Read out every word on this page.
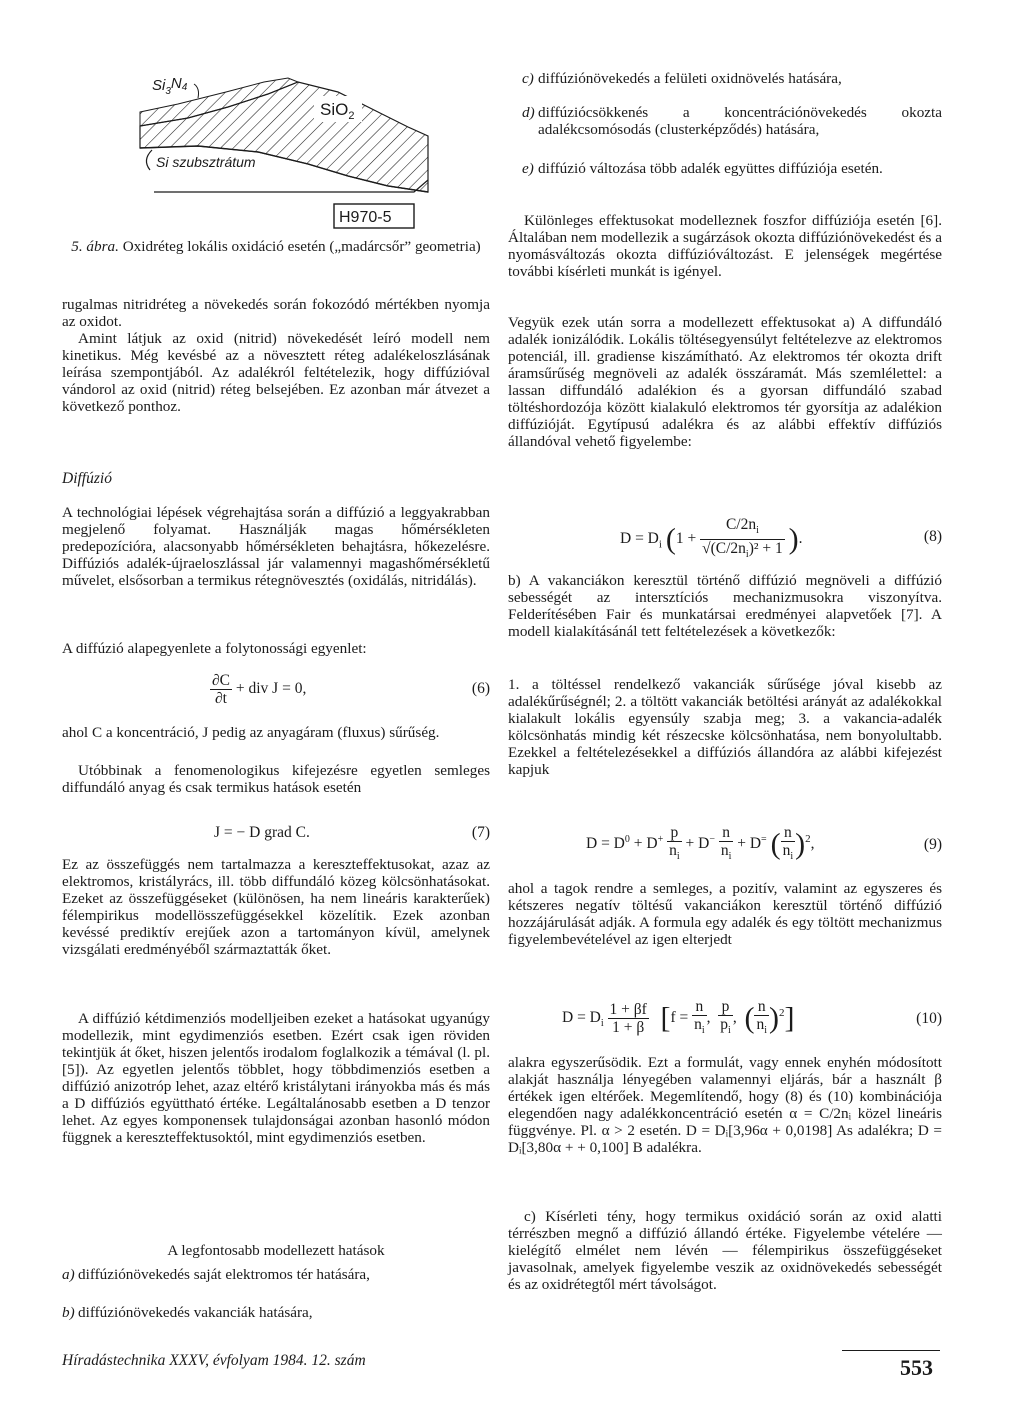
$Si_3N4$
SiO$_2$
Si szubsztrátum
H970-5

5. ábra. Oxidréteg lokális oxidáció esetén („madárcsőr” geometria)

rugalmas nitridréteg a növekedés során fokozódó mértékben nyomja az oxidot.

Amint látjuk az oxid (nitrid) növekedését leíró modell nem kinetikus. Még kevésbé az a növesztett réteg adalékeloszlásának leírása szempontjából. Az adalékról feltételezik, hogy diffúzióval vándorol az oxid (nitrid) réteg belsejében. Ez azonban már átvezet a következő ponthoz.

Diffúzió

A technológiai lépések végrehajtása során a diffúzió a leggyakrabban megjelenő folyamat. Használják magas hőmérsékleten predepozícióra, alacsonyabb hőmérsékleten behajtásra, hőkezelésre. Diffúziós adalék-újraeloszlással jár valamennyi magashőmérsékletű művelet, elsősorban a termikus rétegnövesztés (oxidálás, nitridálás).

A diffúzió alapegyenlete a folytonossági egyenlet:

$\frac{\partial C}{\partial t}$ + div J = 0,	(6)

ahol C a koncentráció, J pedig az anyagáram (fluxus) sűrűség.

Utóbbinak a fenomenologikus kifejezésre egyetlen semleges diffundáló anyag és csak termikus hatások esetén

J = − D grad C.	(7)

Ez az összefüggés nem tartalmazza a kereszteffektusokat, azaz az elektromos, kristályrács, ill. több diffundáló közeg kölcsönhatásokat. Ezeket az összefüggéseket (különösen, ha nem lineáris karakterűek) félempirikus modellösszefüggésekkel közelítik. Ezek azonban kevéssé prediktív erejűek azon a tartományon kívül, amelynek vizsgálati eredményéből származtatták őket.

A diffúzió kétdimenziós modelljeiben ezeket a hatásokat ugyanúgy modellezik, mint egydimenziós esetben. Ezért csak igen röviden tekintjük át őket, hiszen jelentős irodalom foglalkozik a témával (l. pl. [5]). Az egyetlen jelentős többlet, hogy többdimenziós esetben a diffúzió anizotróp lehet, azaz eltérő kristálytani irányokba más és más a D diffúziós együttható értéke. Legáltalánosabb esetben a D tenzor lehet. Az egyes komponensek tulajdonságai azonban hasonló módon függnek a kereszteffektusoktól, mint egydimenziós esetben.

A legfontosabb modellezett hatások

a) diffúziónövekedés saját elektromos tér hatására,
b) diffúziónövekedés vakanciák hatására,
c) diffúziónövekedés a felületi oxidnövelés hatására,
d) diffúziócsökkenés a koncentrációnövekedés okozta adalékcsomósodás (clusterképződés) hatására,
e) diffúzió változása több adalék együttes diffúziója esetén.

Különleges effektusokat modelleznek foszfor diffúziója esetén [6]. Általában nem modellezik a sugárzások okozta diffúziónövekedést és a nyomásváltozás okozta diffúzióváltozást. E jelenségek megértése további kísérleti munkát is igényel.

Vegyük ezek után sorra a modellezett effektusokat a) A diffundáló adalék ionizálódik. Lokális töltésegyensúlyt feltételezve az elektromos potenciál, ill. gradiense kiszámítható. Az elektromos tér okozta drift áramsűrűség megnöveli az adalék összáramát. Más szemlélettel: a lassan diffundáló adalékion és a gyorsan diffundáló szabad töltéshordozója között kialakuló elektromos tér gyorsítja az adalékion diffúzióját. Egytípusú adalékra és az alábbi effektív diffúziós állandóval vehető figyelembe:

$D = D_i$ ($1 + \frac{C/2n_i}{√(C/2n_i)^2 + 1}$ ).	(8)

b) A vakanciákon keresztül történő diffúzió megnöveli a diffúzió sebességét az intersztíciós mechanizmusokra viszonyítva. Felderítésében Fair és munkatársai eredményei alapvetőek [7]. A modell kialakításánál tett feltételezések a következők:

1. a töltéssel rendelkező vakanciák sűrűsége jóval kisebb az adalékűrűségnél; 2. a töltött vakanciák betöltési arányát az adalékokkal kialakult lokális egyensúly szabja meg; 3. a vakancia-adalék kölcsönhatás mindig két részecske kölcsönhatása, nem bonyolultabb. Ezekkel a feltételezésekkel a diffúziós állandóra az alábbi kifejezést kapjuk

$D = D^0 + D^+ \frac{p}{n_i} + D^- \frac{n}{n_i} + D^=$ ( $\frac{n}{n_i} )^2$,	(9)

ahol a tagok rendre a semleges, a pozitív, valamint az egyszeres és kétszeres negatív töltésű vakanciákon keresztül történő diffúzió hozzájárulását adják. A formula egy adalék és egy töltött mechanizmus figyelembevételével az igen elterjedt

$D = D_i \frac{1 + \beta f}{1 + \beta} [f = \frac{n}{n_i}$ , $\frac{p}{p_i}$ ,  ( $\frac{n}{n_i} )^2$]	(10)

alakra egyszerűsödik. Ezt a formulát, vagy ennek enyhén módosított alakját használja lényegében valamennyi eljárás, bár a használt β értékek igen eltérőek. Megemlítendő, hogy (8) és (10) kombinációja elegendően nagy adalékkoncentráció esetén α = C/2nᵢ közel lineáris függvénye. Pl. α > 2 esetén. D = Dᵢ[3,96α + 0,0198] As adalékra; D = Dᵢ[3,80α + + 0,100] B adalékra.

c) Kísérleti tény, hogy termikus oxidáció során az oxid alatti térrészben megnő a diffúzió állandó értéke. Figyelembe vételére — kielégítő elmélet nem lévén — félempirikus összefüggéseket javasolnak, amelyek figyelembe veszik az oxidnövekedés sebességét és az oxidrétegtől mért távolságot.

Híradástechnika XXXV, évfolyam 1984. 12. szám	553
